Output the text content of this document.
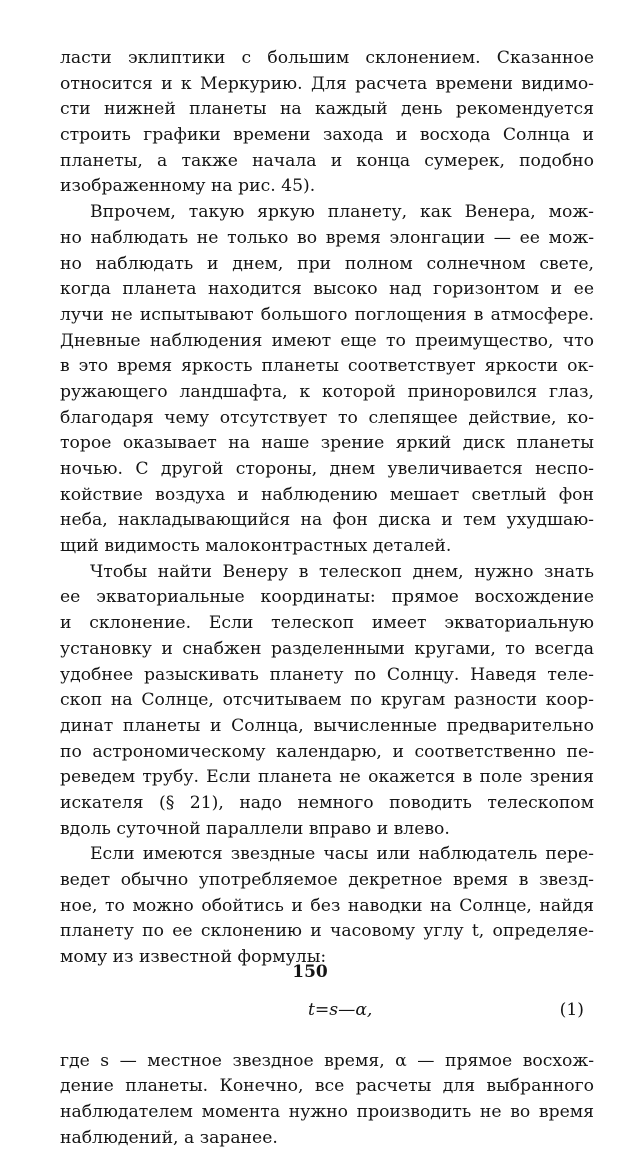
ласти эклиптики с большим склонением. Сказанное
относится и к Меркурию. Для расчета времени видимо-
сти нижней планеты на каждый день рекомендуется
строить графики времени захода и восхода Солнца и
планеты, а также начала и конца сумерек, подобно
изображенному на рис. 45).
Впрочем, такую яркую планету, как Венера, мож-
но наблюдать не только во время элонгации — ее мож-
но наблюдать и днем, при полном солнечном свете,
когда планета находится высоко над горизонтом и ее
лучи не испытывают большого поглощения в атмосфере.
Дневные наблюдения имеют еще то преимущество, что
в это время яркость планеты соответствует яркости ок-
ружающего ландшафта, к которой приноровился глаз,
благодаря чему отсутствует то слепящее действие, ко-
торое оказывает на наше зрение яркий диск планеты
ночью. С другой стороны, днем увеличивается неспо-
койствие воздуха и наблюдению мешает светлый фон
неба, накладывающийся на фон диска и тем ухудшаю-
щий видимость малоконтрастных деталей.
Чтобы найти Венеру в телескоп днем, нужно знать
ее экваториальные координаты: прямое восхождение
и склонение. Если телескоп имеет экваториальную
установку и снабжен разделенными кругами, то всегда
удобнее разыскивать планету по Солнцу. Наведя теле-
скоп на Солнце, отсчитываем по кругам разности коор-
динат планеты и Солнца, вычисленные предварительно
по астрономическому календарю, и соответственно пе-
реведем трубу. Если планета не окажется в поле зрения
искателя (§ 21), надо немного поводить телескопом
вдоль суточной параллели вправо и влево.
Если имеются звездные часы или наблюдатель пере-
ведет обычно употребляемое декретное время в звезд-
ное, то можно обойтись и без наводки на Солнце, найдя
планету по ее склонению и часовому углу t, определяе-
мому из известной формулы:
t=s—α,	(1)
где s — местное звездное время, α — прямое восхож-
дение планеты. Конечно, все расчеты для выбранного
наблюдателем момента нужно производить не во время
наблюдений, а заранее.
150
